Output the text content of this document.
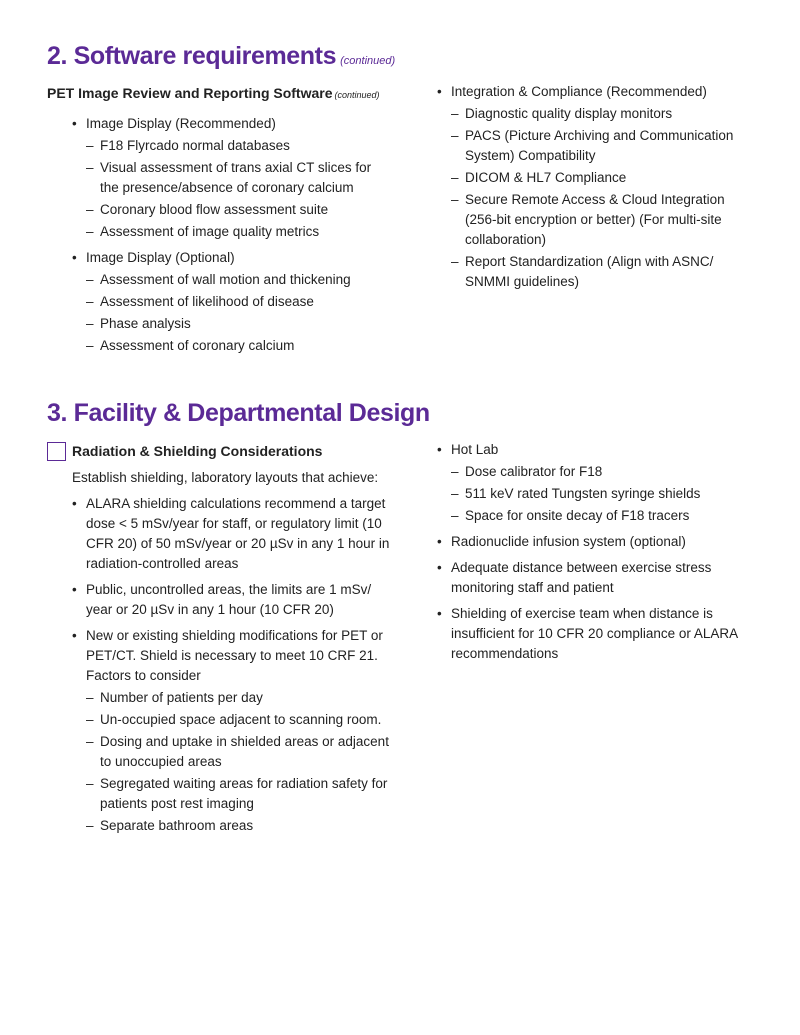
2. Software requirements (continued)
PET Image Review and Reporting Software (continued)
• Image Display (Recommended)
– F18 Flyrcado normal databases
– Visual assessment of trans axial CT slices for the presence/absence of coronary calcium
– Coronary blood flow assessment suite
– Assessment of image quality metrics
• Image Display (Optional)
– Assessment of wall motion and thickening
– Assessment of likelihood of disease
– Phase analysis
– Assessment of coronary calcium
• Integration & Compliance (Recommended)
– Diagnostic quality display monitors
– PACS (Picture Archiving and Communication System) Compatibility
– DICOM & HL7 Compliance
– Secure Remote Access & Cloud Integration (256-bit encryption or better) (For multi-site collaboration)
– Report Standardization (Align with ASNC/ SNMMI guidelines)
3. Facility & Departmental Design
Radiation & Shielding Considerations
Establish shielding, laboratory layouts that achieve:
• ALARA shielding calculations recommend a target dose < 5 mSv/year for staff, or regulatory limit (10 CFR 20) of 50 mSv/year or 20 µSv in any 1 hour in radiation-controlled areas
• Public, uncontrolled areas, the limits are 1 mSv/ year or 20 µSv in any 1 hour (10 CFR 20)
• New or existing shielding modifications for PET or PET/CT. Shield is necessary to meet 10 CRF 21. Factors to consider
– Number of patients per day
– Un-occupied space adjacent to scanning room.
– Dosing and uptake in shielded areas or adjacent to unoccupied areas
– Segregated waiting areas for radiation safety for patients post rest imaging
– Separate bathroom areas
• Hot Lab
– Dose calibrator for F18
– 511 keV rated Tungsten syringe shields
– Space for onsite decay of F18 tracers
• Radionuclide infusion system (optional)
• Adequate distance between exercise stress monitoring staff and patient
• Shielding of exercise team when distance is insufficient for 10 CFR 20 compliance or ALARA recommendations
